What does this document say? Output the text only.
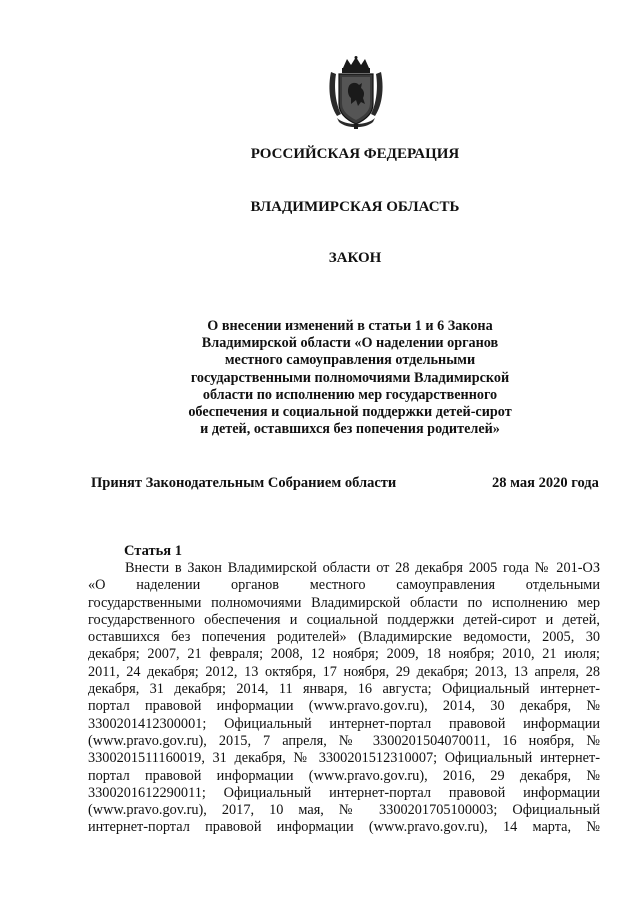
РОССИЙСКАЯ ФЕДЕРАЦИЯ
ВЛАДИМИРСКАЯ ОБЛАСТЬ
ЗАКОН
О внесении изменений в статьи 1 и 6 Закона
Владимирской области «О наделении органов
местного самоуправления отдельными
государственными полномочиями Владимирской
области по исполнению мер государственного
обеспечения и социальной поддержки детей-сирот
и детей, оставшихся без попечения родителей»
Принят Законодательным Собранием области	28 мая 2020 года
Статья 1
Внести в Закон Владимирской области от 28 декабря 2005 года № 201-ОЗ
«О наделении органов местного самоуправления отдельными
государственными полномочиями Владимирской области по исполнению мер
государственного обеспечения и социальной поддержки детей-сирот и детей,
оставшихся без попечения родителей» (Владимирские ведомости, 2005, 30
декабря; 2007, 21 февраля; 2008, 12 ноября; 2009, 18 ноября; 2010, 21 июля;
2011, 24 декабря; 2012, 13 октября, 17 ноября, 29 декабря; 2013, 13 апреля, 28
декабря, 31 декабря; 2014, 11 января, 16 августа; Официальный интернет-
портал правовой информации (www.pravo.gov.ru), 2014, 30 декабря, №
3300201412300001; Официальный интернет-портал правовой информации
(www.pravo.gov.ru), 2015, 7 апреля, № 3300201504070011, 16 ноября, №
3300201511160019, 31 декабря, № 3300201512310007; Официальный интернет-
портал правовой информации (www.pravo.gov.ru), 2016, 29 декабря, №
3300201612290011; Официальный интернет-портал правовой информации
(www.pravo.gov.ru), 2017, 10 мая, № 3300201705100003; Официальный
интернет-портал правовой информации (www.pravo.gov.ru), 14 марта, №
